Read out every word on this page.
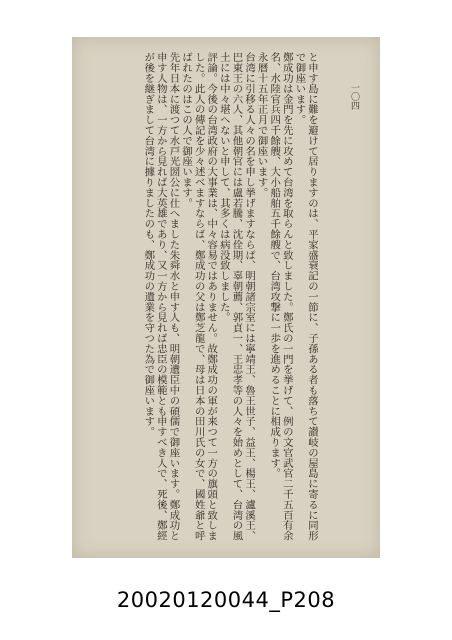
一〇四

と申す島に難を避けて居りますのは、平家盛衰記の一節に、子孫ある者も落ちて讃岐の屋島に寄るに同形で御座います。

鄭成功は金門を先に攻めて台湾を取らんと致しました。鄭氏の一門を挙げて、例の文官武官二千五百有余名、水陸官兵四千餘艘、大小船舶五千餘艘で、台湾攻撃に一歩を進めることに相成ります。

永曆十五年正月で御座います。

台湾に引移る人々の名を申し挙げますならば、明朝諸宗室には寧靖王、魯王世子、益王、楊王、瀘溪王、巴東王の六人、其他朝官には盧若騰、沈佺期、辜朝薦、郭貞一、王忠孝等の人々を始めとして、台湾の風土には中々堪へないと申して、其多くは病没致しました。

評論。今後の台湾政府の大事業は、中々容易ではありません。故鄭成功の軍が来つて一方の旗頭と致しました。此人の傳記を少々述べますならば、鄭成功の父は鄭芝龍で、母は日本の田川氏の女で、國姓爺と呼ばれたのはこの人で御座います。

先年日本に渡つて水戸光圀公に仕へました朱舜水と申す人も、明朝遺臣中の碩儒で御座います。鄭成功と申す人物は、一方から見れば大英雄であり、又一方から見れば忠臣の模範とも申すべき人で、死後、鄭經が後を継ぎまして台湾に據りましたのも、鄭成功の遺業を守つた為で御座います。

20020120044_P208
